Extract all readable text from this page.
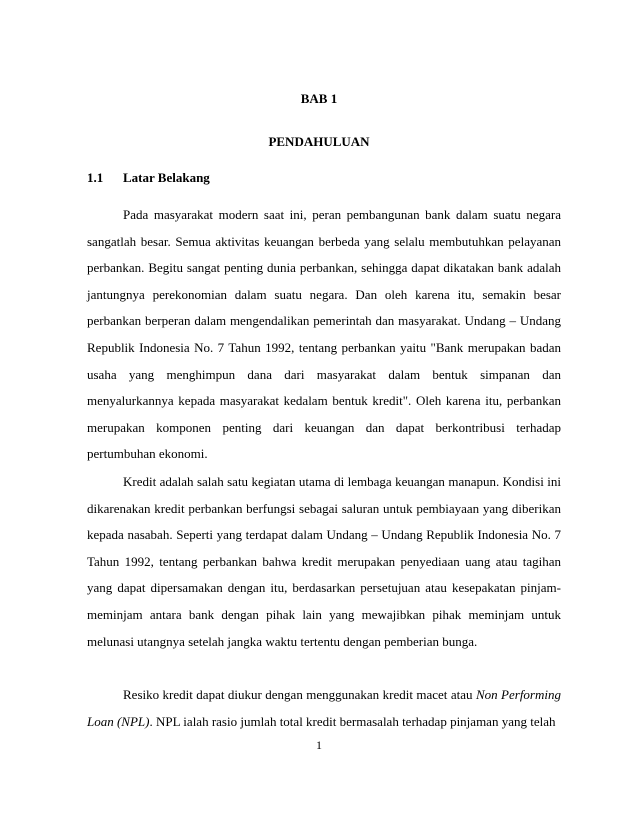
BAB 1
PENDAHULUAN
1.1 Latar Belakang

Pada masyarakat modern saat ini, peran pembangunan bank dalam suatu negara sangatlah besar. Semua aktivitas keuangan berbeda yang selalu membutuhkan pelayanan perbankan. Begitu sangat penting dunia perbankan, sehingga dapat dikatakan bank adalah jantungnya perekonomian dalam suatu negara. Dan oleh karena itu, semakin besar perbankan berperan dalam mengendalikan pemerintah dan masyarakat. Undang – Undang Republik Indonesia No. 7 Tahun 1992, tentang perbankan yaitu "Bank merupakan badan usaha yang menghimpun dana dari masyarakat dalam bentuk simpanan dan menyalurkannya kepada masyarakat kedalam bentuk kredit". Oleh karena itu, perbankan merupakan komponen penting dari keuangan dan dapat berkontribusi terhadap pertumbuhan ekonomi.

Kredit adalah salah satu kegiatan utama di lembaga keuangan manapun. Kondisi ini dikarenakan kredit perbankan berfungsi sebagai saluran untuk pembiayaan yang diberikan kepada nasabah. Seperti yang terdapat dalam Undang – Undang Republik Indonesia No. 7 Tahun 1992, tentang perbankan bahwa kredit merupakan penyediaan uang atau tagihan yang dapat dipersamakan dengan itu, berdasarkan persetujuan atau kesepakatan pinjam-meminjam antara bank dengan pihak lain yang mewajibkan pihak meminjam untuk melunasi utangnya setelah jangka waktu tertentu dengan pemberian bunga.

Resiko kredit dapat diukur dengan menggunakan kredit macet atau Non Performing Loan (NPL). NPL ialah rasio jumlah total kredit bermasalah terhadap pinjaman yang telah

1
